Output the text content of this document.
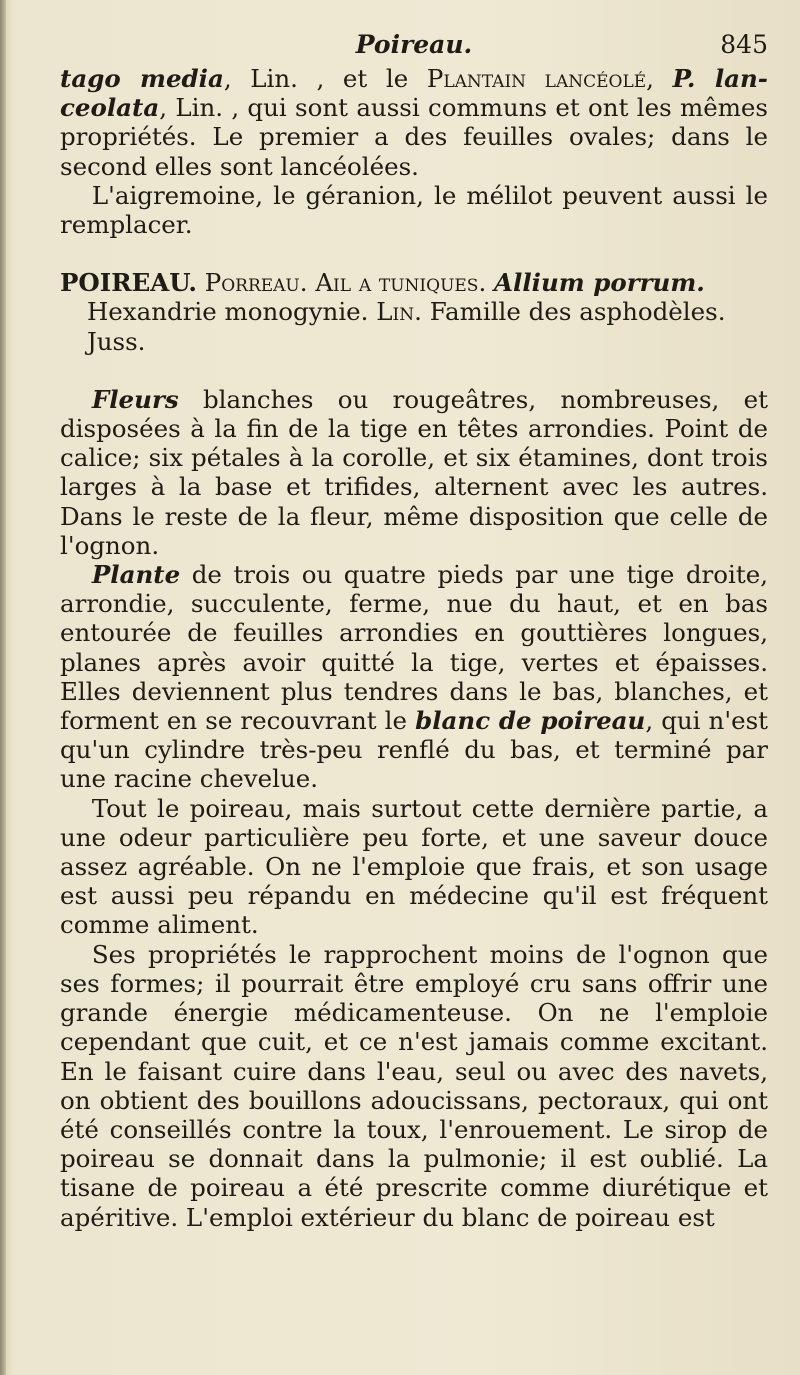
Poireau.	845

tago media, Lin. , et le Plantain lancéolé, P. lan-ceolata, Lin. , qui sont aussi communs et ont les mêmes propriétés. Le premier a des feuilles ovales; dans le second elles sont lancéolées.

L'aigremoine, le géranion, le mélilot peuvent aussi le remplacer.

POIREAU. Porreau. Ail a tuniques. Allium porrum.

Hexandrie monogynie. Lin. Famille des asphodèles.

Juss.

Fleurs blanches ou rougeâtres, nombreuses, et disposées à la fin de la tige en têtes arrondies. Point de calice; six pétales à la corolle, et six étamines, dont trois larges à la base et trifides, alternent avec les autres. Dans le reste de la fleur, même disposition que celle de l'ognon.

Plante de trois ou quatre pieds par une tige droite, arrondie, succulente, ferme, nue du haut, et en bas entourée de feuilles arrondies en gouttières longues, planes après avoir quitté la tige, vertes et épaisses. Elles deviennent plus tendres dans le bas, blanches, et forment en se recouvrant le blanc de poireau, qui n'est qu'un cylindre très-peu renflé du bas, et terminé par une racine chevelue.

Tout le poireau, mais surtout cette dernière partie, a une odeur particulière peu forte, et une saveur douce assez agréable. On ne l'emploie que frais, et son usage est aussi peu répandu en médecine qu'il est fréquent comme aliment.

Ses propriétés le rapprochent moins de l'ognon que ses formes; il pourrait être employé cru sans offrir une grande énergie médicamenteuse. On ne l'emploie cependant que cuit, et ce n'est jamais comme excitant. En le faisant cuire dans l'eau, seul ou avec des navets, on obtient des bouillons adoucissans, pectoraux, qui ont été conseillés contre la toux, l'enrouement. Le sirop de poireau se donnait dans la pulmonie; il est oublié. La tisane de poireau a été prescrite comme diurétique et apéritive. L'emploi extérieur du blanc de poireau est
